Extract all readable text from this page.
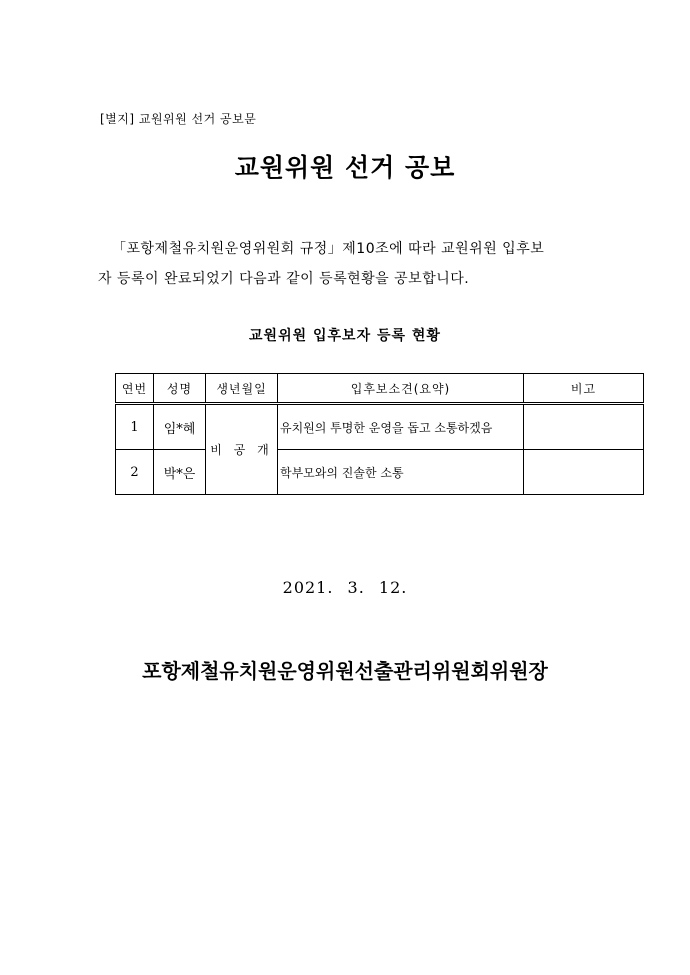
[별지] 교원위원 선거 공보문
교원위원 선거 공보
「포항제철유치원운영위원회 규정」제10조에 따라 교원위원 입후보
자 등록이 완료되었기 다음과 같이 등록현황을 공보합니다.
교원위원 입후보자 등록 현황
연번	성명	생년월일	입후보소견(요약)	비고
1	임*혜	비 공 개	유치원의 투명한 운영을 돕고 소통하겠음	
2	박*은		학부모와의 진솔한 소통	
2021. 3. 12.
포항제철유치원운영위원선출관리위원회위원장
